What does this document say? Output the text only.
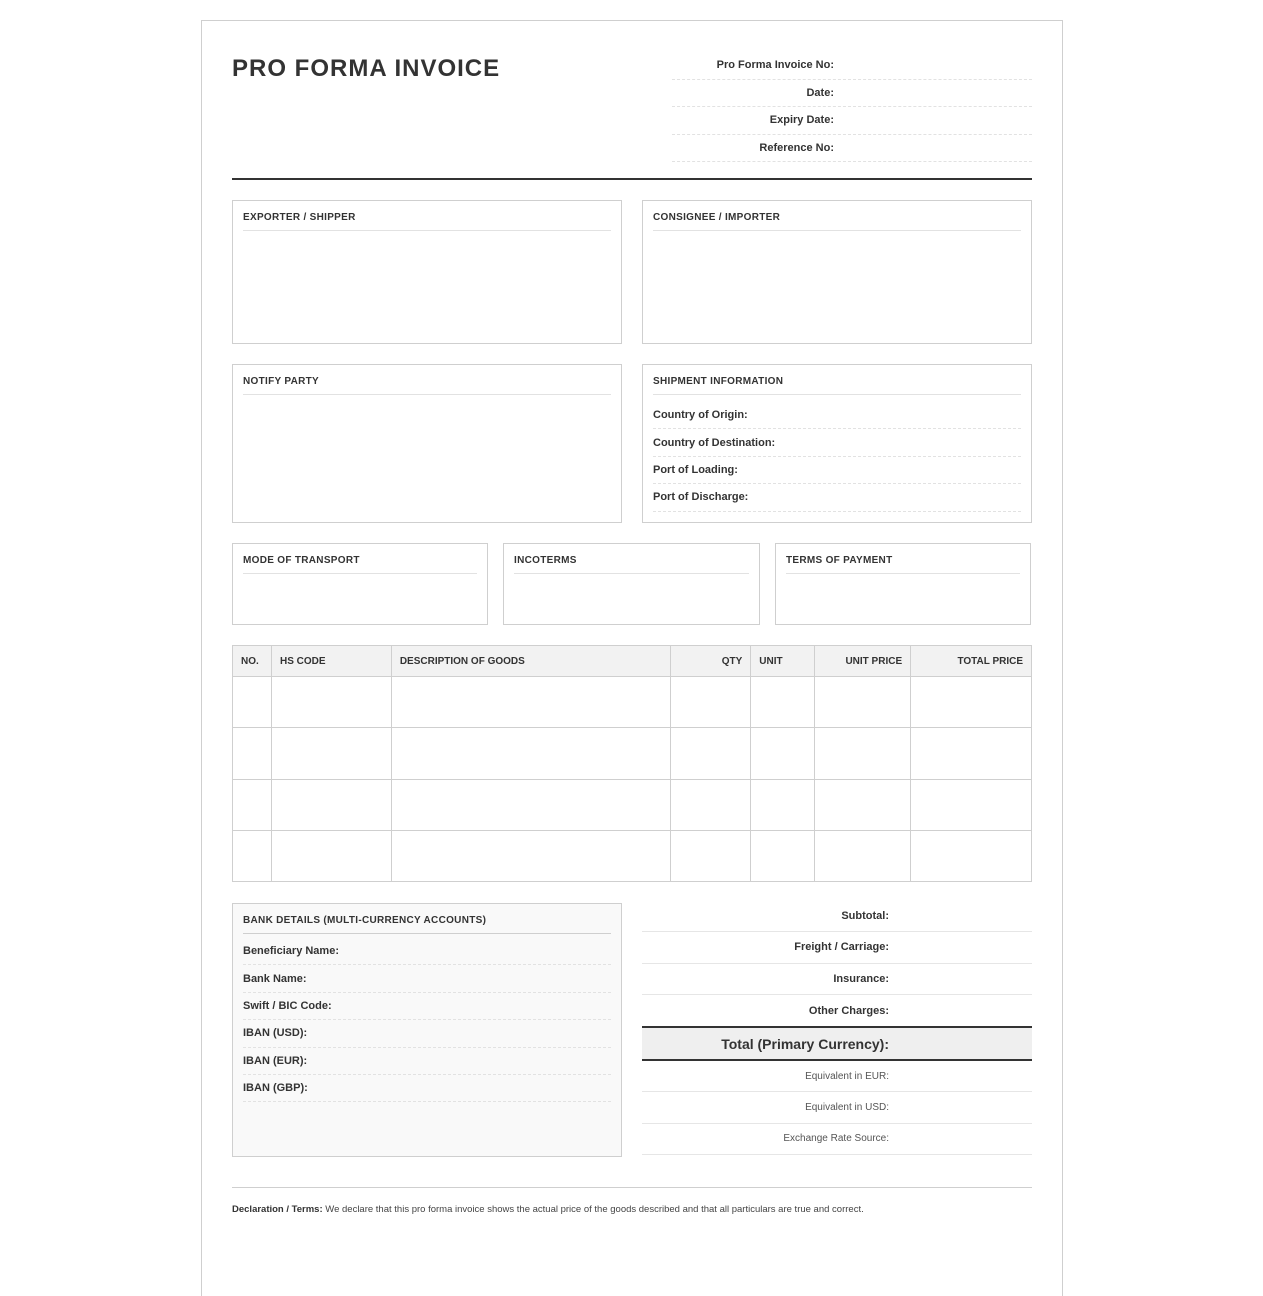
PRO FORMA INVOICE	Pro Forma Invoice No:
Date:
Expiry Date:
Reference No:
EXPORTER / SHIPPER	CONSIGNEE / IMPORTER
NOTIFY PARTY	SHIPMENT INFORMATION
Country of Origin:
Country of Destination:
Port of Loading:
Port of Discharge:
MODE OF TRANSPORT	INCOTERMS	TERMS OF PAYMENT
NO.	HS CODE	DESCRIPTION OF GOODS	QTY	UNIT	UNIT PRICE	TOTAL PRICE

BANK DETAILS (MULTI-CURRENCY ACCOUNTS)
Beneficiary Name:
Bank Name:
Swift / BIC Code:
IBAN (USD):
IBAN (EUR):
IBAN (GBP):
Subtotal:
Freight / Carriage:
Insurance:
Other Charges:
Total (Primary Currency):
Equivalent in EUR:
Equivalent in USD:
Exchange Rate Source:

Declaration / Terms: We declare that this pro forma invoice shows the actual price of the goods described and that all particulars are true and correct.
